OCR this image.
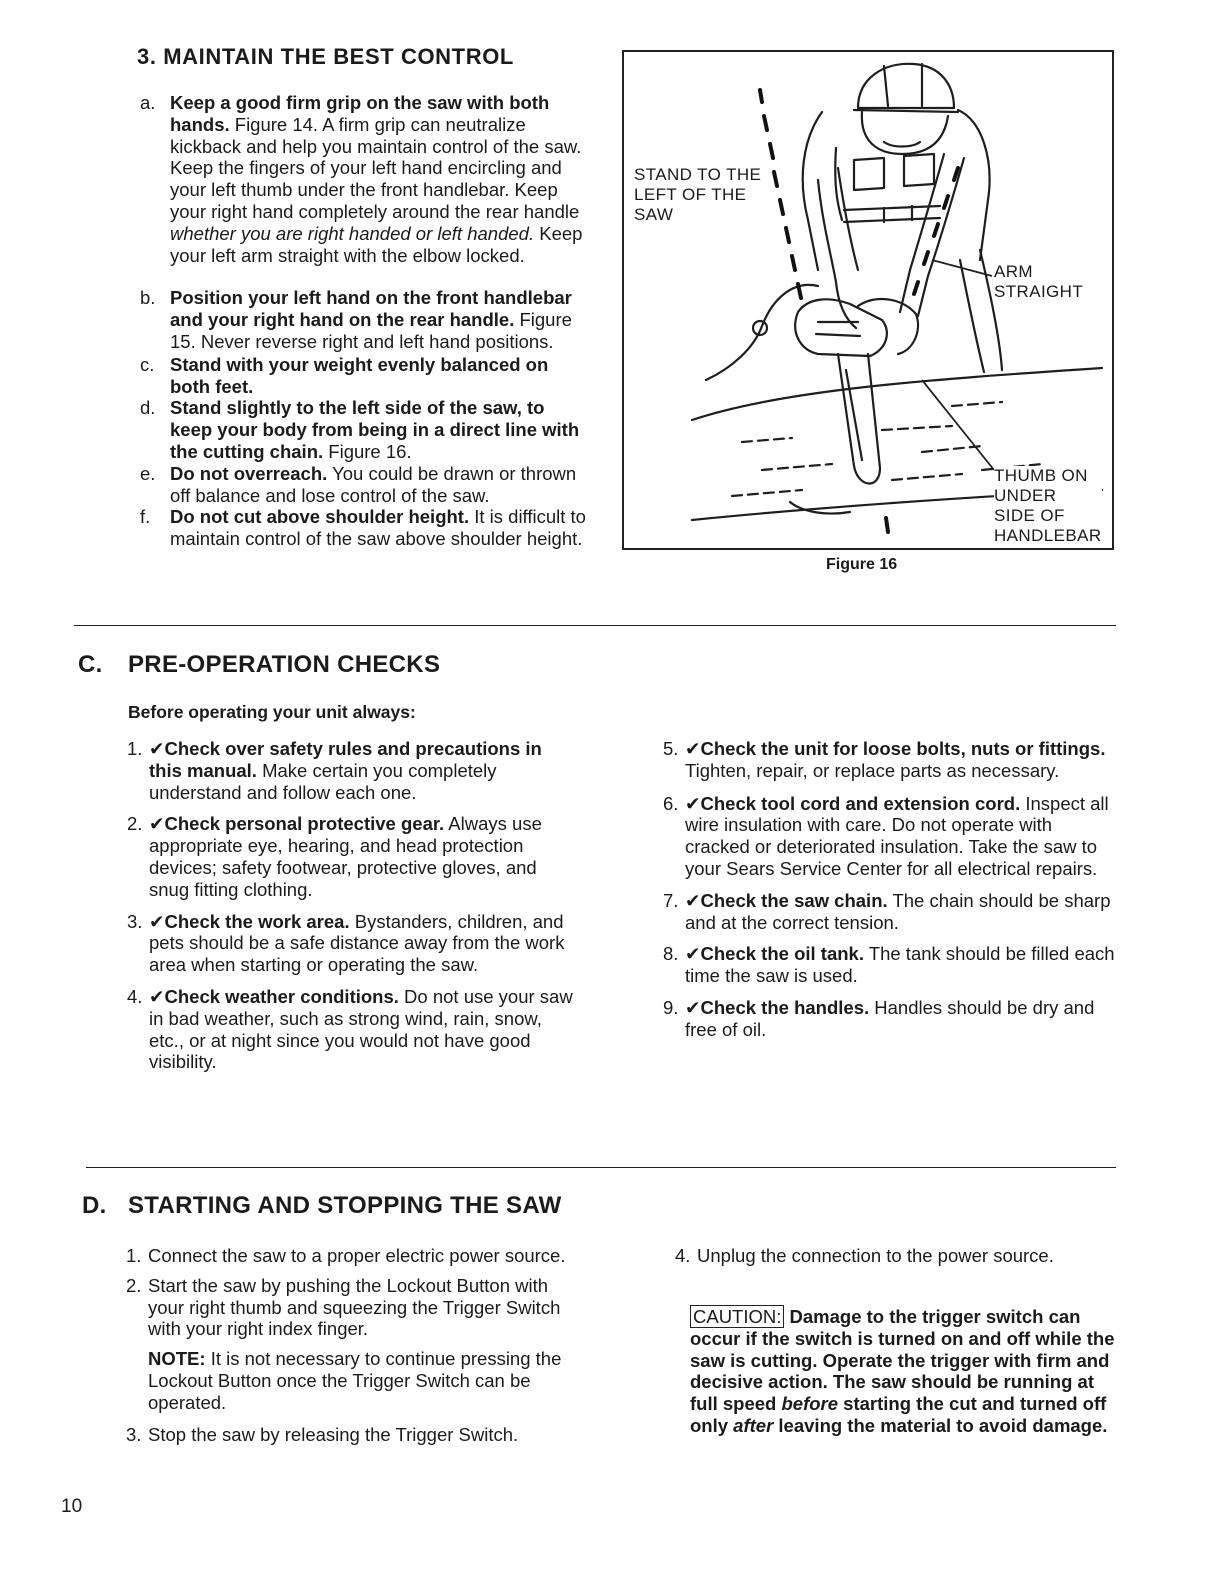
3. MAINTAIN THE BEST CONTROL
a. Keep a good firm grip on the saw with both hands. Figure 14. A firm grip can neutralize kickback and help you maintain control of the saw. Keep the fingers of your left hand encircling and your left thumb under the front handlebar. Keep your right hand completely around the rear handle whether you are right handed or left handed. Keep your left arm straight with the elbow locked.
b. Position your left hand on the front handlebar and your right hand on the rear handle. Figure 15. Never reverse right and left hand positions.
c. Stand with your weight evenly balanced on both feet.
d. Stand slightly to the left side of the saw, to keep your body from being in a direct line with the cutting chain. Figure 16.
e. Do not overreach. You could be drawn or thrown off balance and lose control of the saw.
f. Do not cut above shoulder height. It is difficult to maintain control of the saw above shoulder height.
STAND TO THE
LEFT OF THE
SAW
ARM
STRAIGHT
THUMB ON
UNDER
SIDE OF
HANDLEBAR
Figure 16
C. PRE-OPERATION CHECKS
Before operating your unit always:
1. ✔Check over safety rules and precautions in this manual. Make certain you completely understand and follow each one.
2. ✔Check personal protective gear. Always use appropriate eye, hearing, and head protection devices; safety footwear, protective gloves, and snug fitting clothing.
3. ✔Check the work area. Bystanders, children, and pets should be a safe distance away from the work area when starting or operating the saw.
4. ✔Check weather conditions. Do not use your saw in bad weather, such as strong wind, rain, snow, etc., or at night since you would not have good visibility.
5. ✔Check the unit for loose bolts, nuts or fittings. Tighten, repair, or replace parts as necessary.
6. ✔Check tool cord and extension cord. Inspect all wire insulation with care. Do not operate with cracked or deteriorated insulation. Take the saw to your Sears Service Center for all electrical repairs.
7. ✔Check the saw chain. The chain should be sharp and at the correct tension.
8. ✔Check the oil tank. The tank should be filled each time the saw is used.
9. ✔Check the handles. Handles should be dry and free of oil.
D. STARTING AND STOPPING THE SAW
1. Connect the saw to a proper electric power source.
2. Start the saw by pushing the Lockout Button with your right thumb and squeezing the Trigger Switch with your right index finger.
NOTE: It is not necessary to continue pressing the Lockout Button once the Trigger Switch can be operated.
3. Stop the saw by releasing the Trigger Switch.
4. Unplug the connection to the power source.
CAUTION: Damage to the trigger switch can occur if the switch is turned on and off while the saw is cutting. Operate the trigger with firm and decisive action. The saw should be running at full speed before starting the cut and turned off only after leaving the material to avoid damage.
10
